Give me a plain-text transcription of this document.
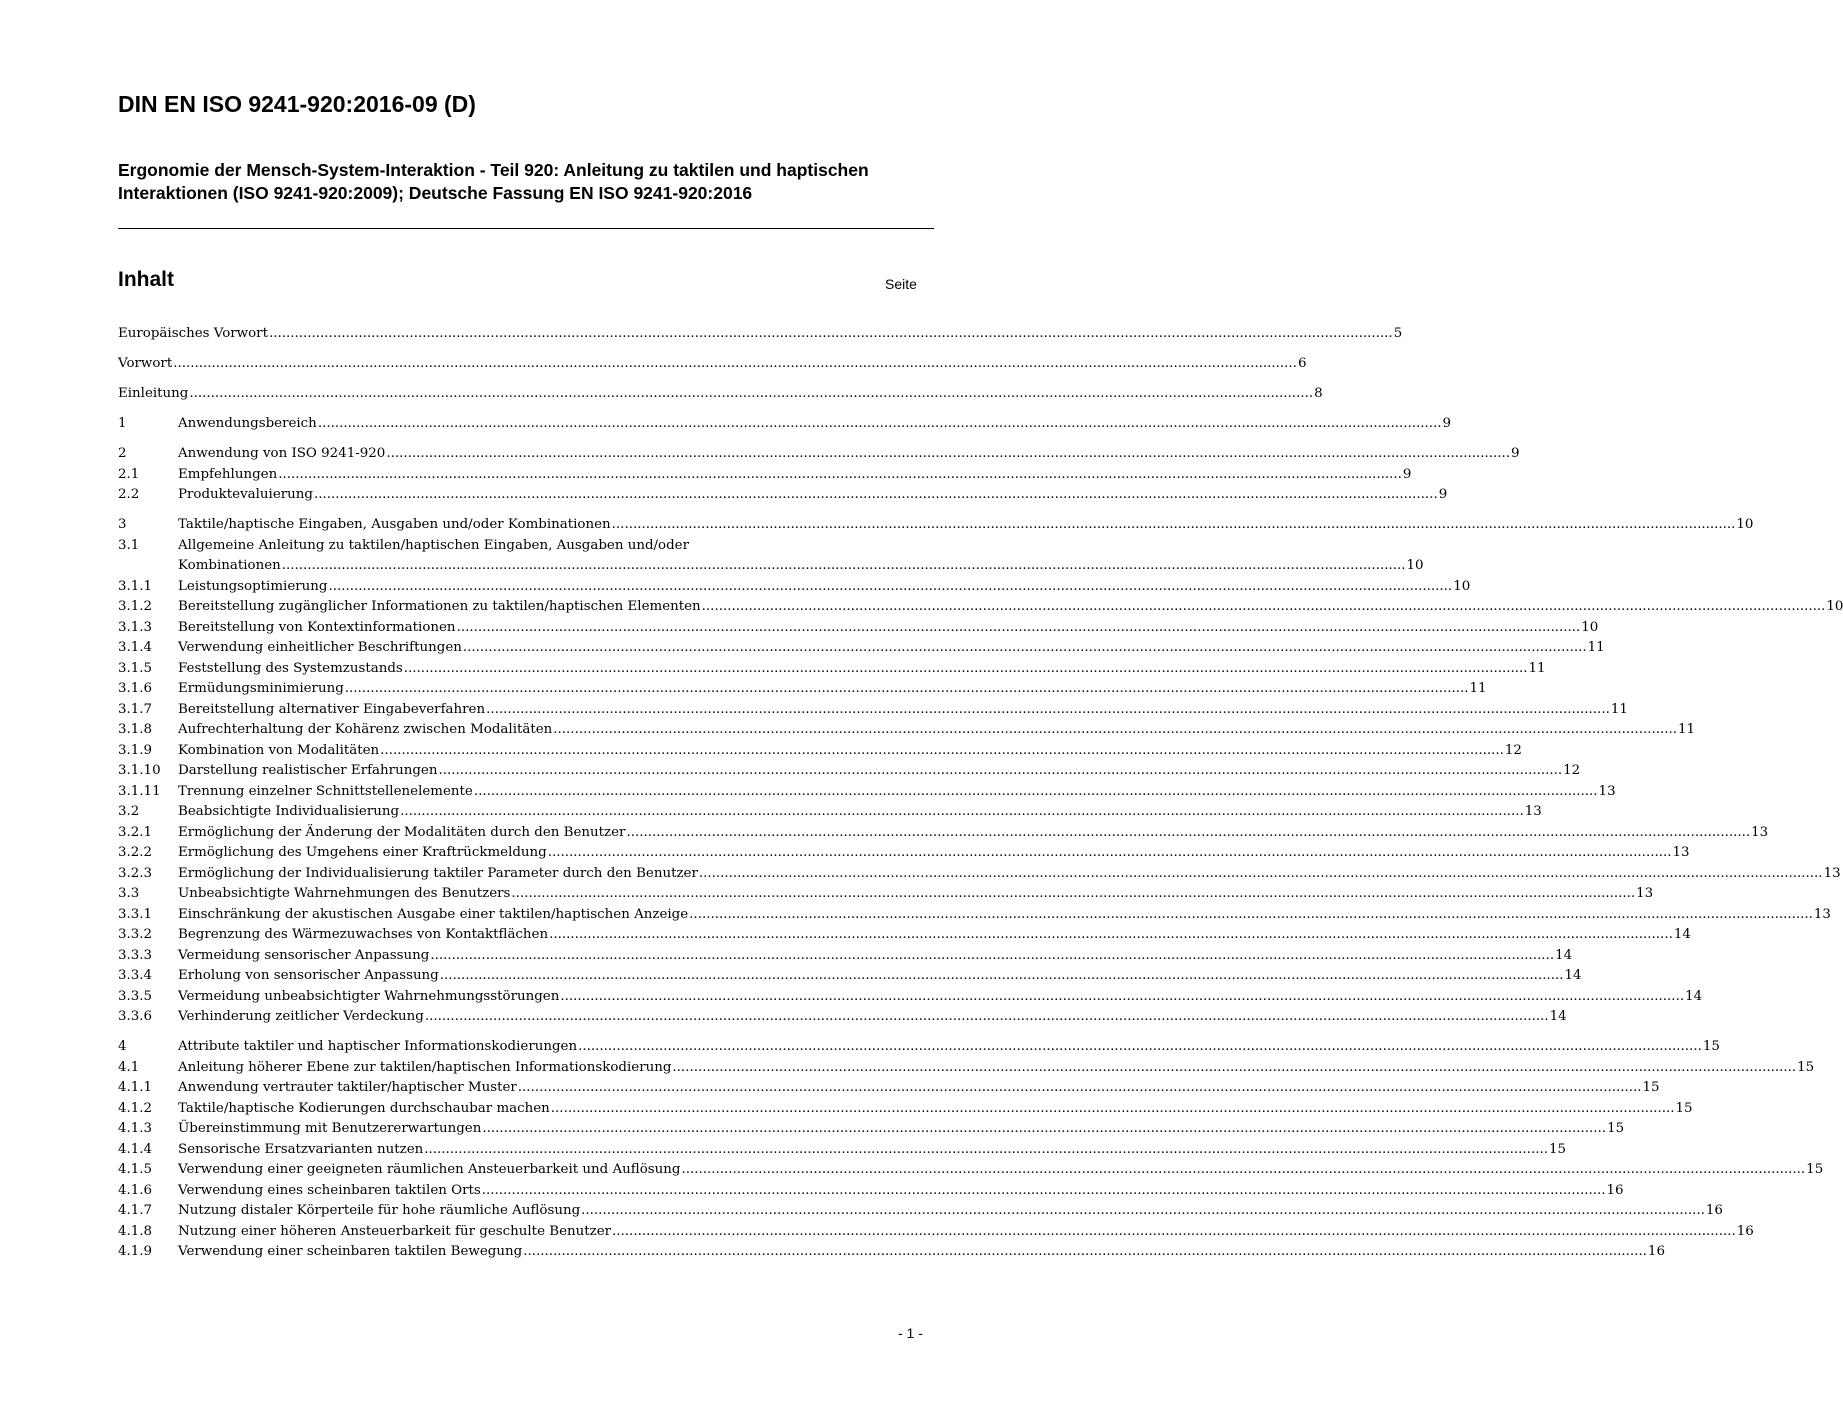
DIN EN ISO 9241-920:2016-09 (D)

Ergonomie der Mensch-System-Interaktion - Teil 920: Anleitung zu taktilen und haptischen Interaktionen (ISO 9241-920:2009); Deutsche Fassung EN ISO 9241-920:2016

Inhalt	Seite
Europäisches Vorwort .....	5
Vorwort .....	6
Einleitung .....	8
1	Anwendungsbereich .....	9
2	Anwendung von ISO 9241-920 .....	9
2.1	Empfehlungen .....	9
2.2	Produktevaluierung .....	9
3	Taktile/haptische Eingaben, Ausgaben und/oder Kombinationen .....	10
3.1	Allgemeine Anleitung zu taktilen/haptischen Eingaben, Ausgaben und/oder
Kombinationen .....	10
3.1.1	Leistungsoptimierung .....	10
3.1.2	Bereitstellung zugänglicher Informationen zu taktilen/haptischen Elementen .....	10
3.1.3	Bereitstellung von Kontextinformationen .....	10
3.1.4	Verwendung einheitlicher Beschriftungen .....	11
3.1.5	Feststellung des Systemzustands .....	11
3.1.6	Ermüdungsminimierung .....	11
3.1.7	Bereitstellung alternativer Eingabeverfahren .....	11
3.1.8	Aufrechterhaltung der Kohärenz zwischen Modalitäten .....	11
3.1.9	Kombination von Modalitäten .....	12
3.1.10	Darstellung realistischer Erfahrungen .....	12
3.1.11	Trennung einzelner Schnittstellenelemente .....	13
3.2	Beabsichtigte Individualisierung .....	13
3.2.1	Ermöglichung der Änderung der Modalitäten durch den Benutzer .....	13
3.2.2	Ermöglichung des Umgehens einer Kraftrückmeldung .....	13
3.2.3	Ermöglichung der Individualisierung taktiler Parameter durch den Benutzer .....	13
3.3	Unbeabsichtigte Wahrnehmungen des Benutzers .....	13
3.3.1	Einschränkung der akustischen Ausgabe einer taktilen/haptischen Anzeige .....	13
3.3.2	Begrenzung des Wärmezuwachses von Kontaktflächen .....	14
3.3.3	Vermeidung sensorischer Anpassung .....	14
3.3.4	Erholung von sensorischer Anpassung .....	14
3.3.5	Vermeidung unbeabsichtigter Wahrnehmungsstörungen .....	14
3.3.6	Verhinderung zeitlicher Verdeckung .....	14
4	Attribute taktiler und haptischer Informationskodierungen .....	15
4.1	Anleitung höherer Ebene zur taktilen/haptischen Informationskodierung .....	15
4.1.1	Anwendung vertrauter taktiler/haptischer Muster .....	15
4.1.2	Taktile/haptische Kodierungen durchschaubar machen .....	15
4.1.3	Übereinstimmung mit Benutzererwartungen .....	15
4.1.4	Sensorische Ersatzvarianten nutzen .....	15
4.1.5	Verwendung einer geeigneten räumlichen Ansteuerbarkeit und Auflösung .....	15
4.1.6	Verwendung eines scheinbaren taktilen Orts .....	16
4.1.7	Nutzung distaler Körperteile für hohe räumliche Auflösung .....	16
4.1.8	Nutzung einer höheren Ansteuerbarkeit für geschulte Benutzer .....	16
4.1.9	Verwendung einer scheinbaren taktilen Bewegung .....	16
- 1 -
